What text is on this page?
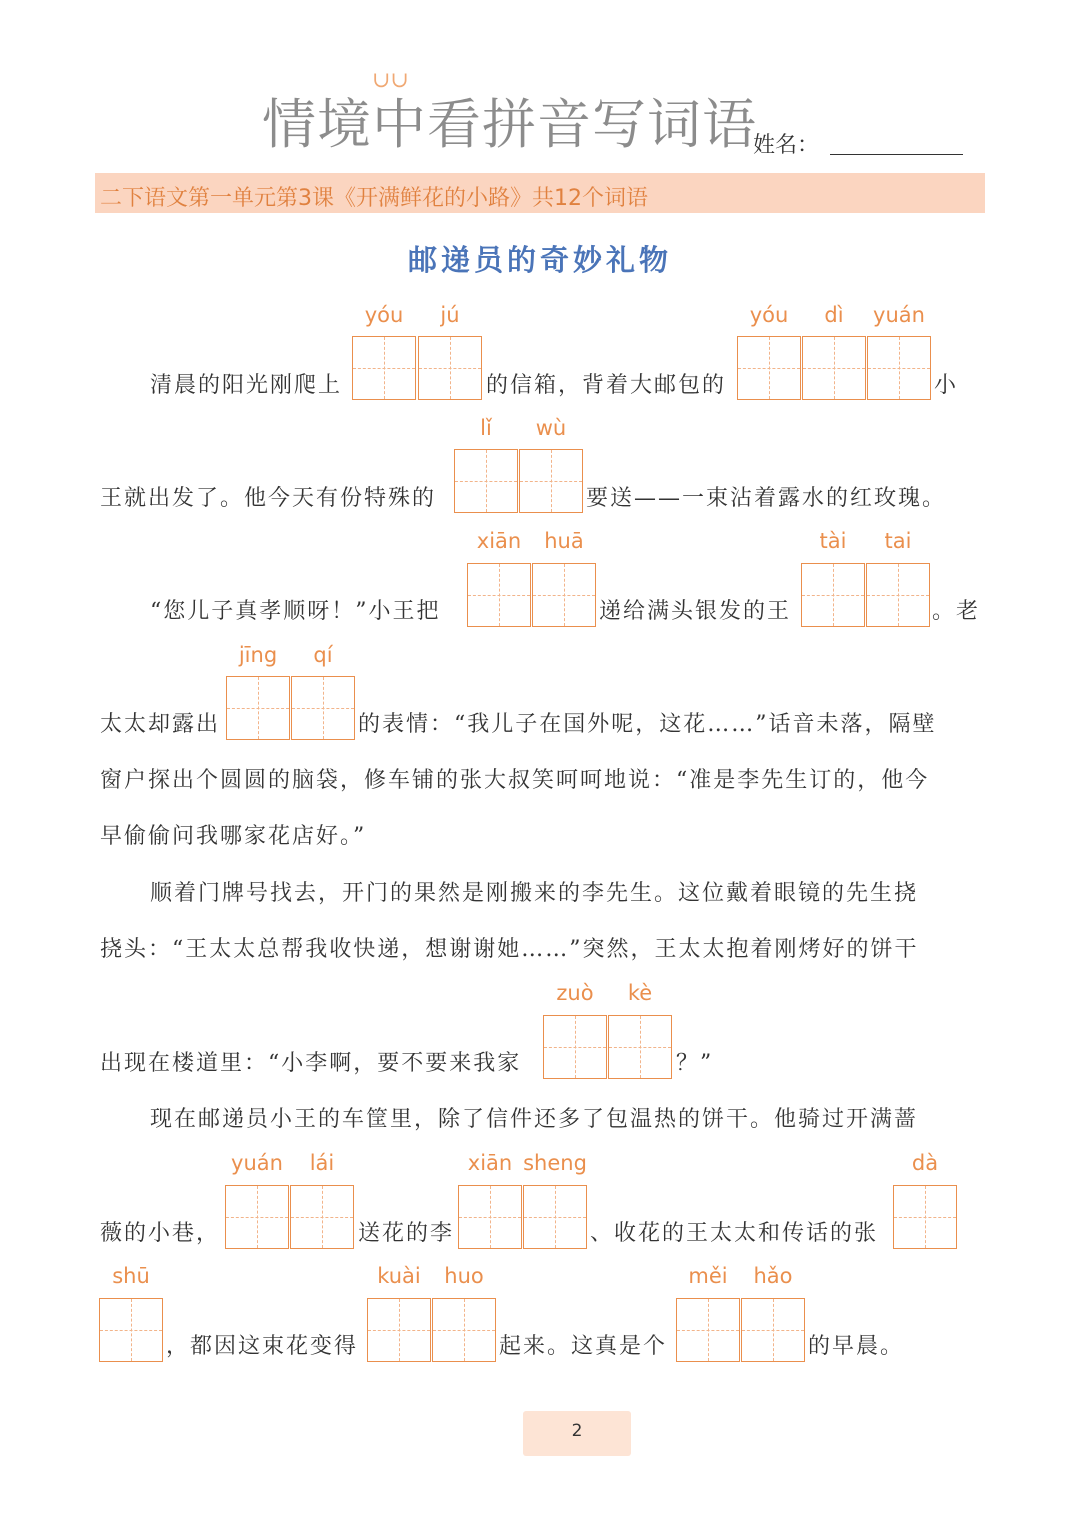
情境中看拼音写词语
∪∪
姓名：
二下语文第一单元第3课《开满鲜花的小路》共12个词语
邮递员的奇妙礼物
清晨的阳光刚爬上
yóu	jú
的信箱，背着大邮包的
yóu	dì	yuán
小
王就出发了。他今天有份特殊的
lǐ	wù
要送——一束沾着露水的红玫瑰。
“您儿子真孝顺呀！”小王把
xiān	huā
递给满头银发的王
tài	tai
。老
太太却露出
jīng	qí
的表情：“我儿子在国外呢，这花……”话音未落，隔壁
窗户探出个圆圆的脑袋，修车铺的张大叔笑呵呵地说：“准是李先生订的，他今
早偷偷问我哪家花店好。”
顺着门牌号找去，开门的果然是刚搬来的李先生。这位戴着眼镜的先生挠
挠头：“王太太总帮我收快递，想谢谢她……”突然，王太太抱着刚烤好的饼干
出现在楼道里：“小李啊，要不要来我家
zuò	kè
？”
现在邮递员小王的车筐里，除了信件还多了包温热的饼干。他骑过开满蔷
薇的小巷，
yuán	lái
送花的李
xiān sheng
、收花的王太太和传话的张
dà
shū
，都因这束花变得
kuài	huo
起来。这真是个
měi	hǎo
的早晨。
2
